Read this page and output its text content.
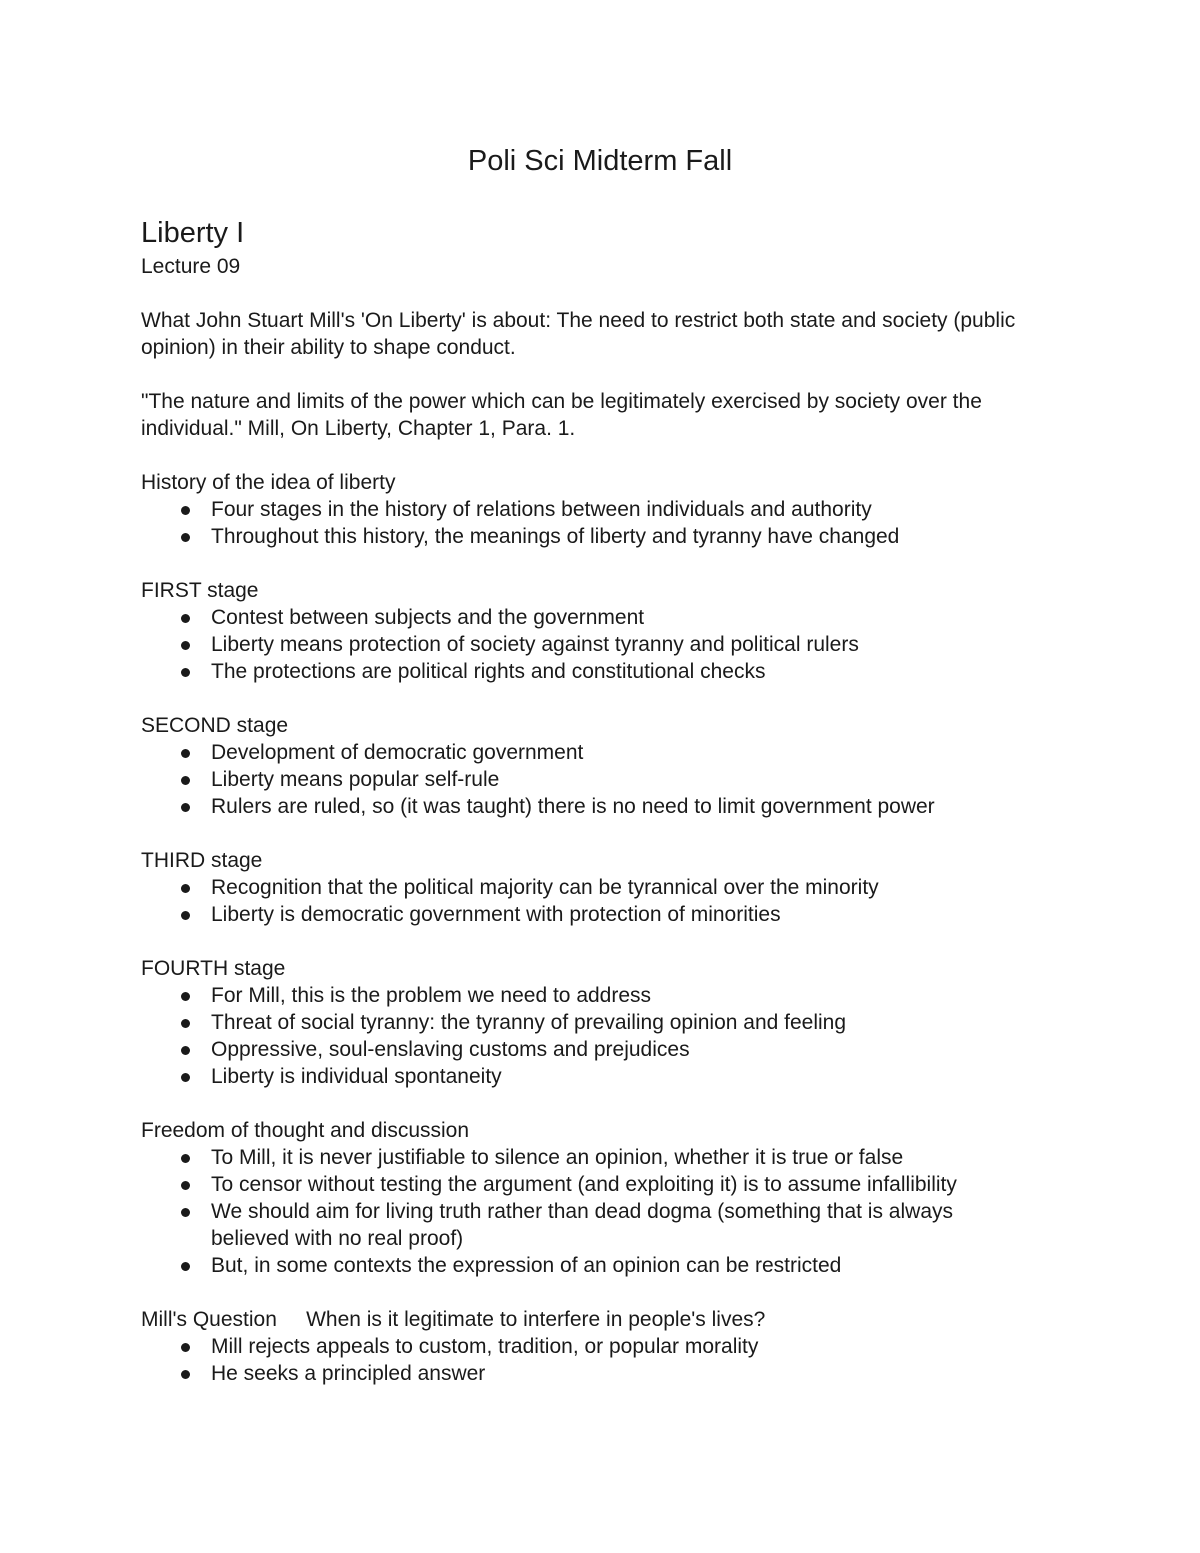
Poli Sci Midterm Fall
Liberty I

Lecture 09

What John Stuart Mill's 'On Liberty' is about: The need to restrict both state and society (public opinion) in their ability to shape conduct.

"The nature and limits of the power which can be legitimately exercised by society over the individual." Mill, On Liberty, Chapter 1, Para. 1.

History of the idea of liberty

Four stages in the history of relations between individuals and authority
Throughout this history, the meanings of liberty and tyranny have changed

FIRST stage

Contest between subjects and the government
Liberty means protection of society against tyranny and political rulers
The protections are political rights and constitutional checks

SECOND stage

Development of democratic government
Liberty means popular self-rule
Rulers are ruled, so (it was taught) there is no need to limit government power

THIRD stage

Recognition that the political majority can be tyrannical over the minority
Liberty is democratic government with protection of minorities

FOURTH stage

For Mill, this is the problem we need to address
Threat of social tyranny: the tyranny of prevailing opinion and feeling
Oppressive, soul-enslaving customs and prejudices
Liberty is individual spontaneity

Freedom of thought and discussion

To Mill, it is never justifiable to silence an opinion, whether it is true or false
To censor without testing the argument (and exploiting it) is to assume infallibility
We should aim for living truth rather than dead dogma (something that is always believed with no real proof)
But, in some contexts the expression of an opinion can be restricted

Mill's Question When is it legitimate to interfere in people's lives?

Mill rejects appeals to custom, tradition, or popular morality
He seeks a principled answer
